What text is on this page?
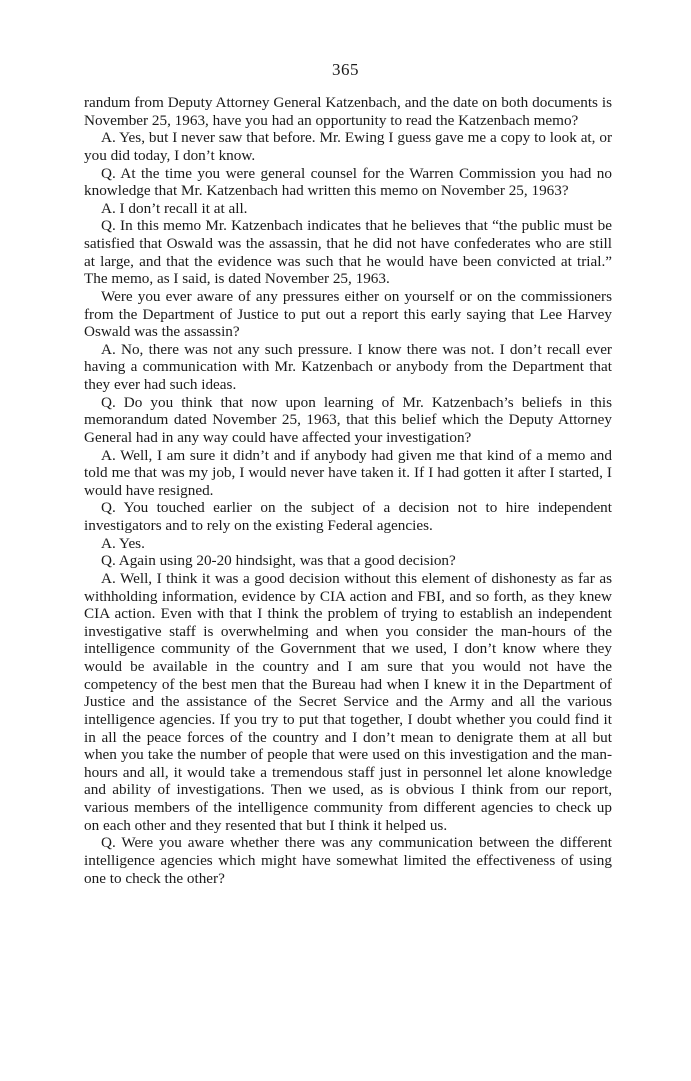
365

randum from Deputy Attorney General Katzenbach, and the date on both documents is November 25, 1963, have you had an opportunity to read the Katzenbach memo?

A. Yes, but I never saw that before. Mr. Ewing I guess gave me a copy to look at, or you did today, I don’t know.

Q. At the time you were general counsel for the Warren Commission you had no knowledge that Mr. Katzenbach had written this memo on November 25, 1963?

A. I don’t recall it at all.

Q. In this memo Mr. Katzenbach indicates that he believes that “the public must be satisfied that Oswald was the assassin, that he did not have confederates who are still at large, and that the evidence was such that he would have been convicted at trial.” The memo, as I said, is dated November 25, 1963.

Were you ever aware of any pressures either on yourself or on the commissioners from the Department of Justice to put out a report this early saying that Lee Harvey Oswald was the assassin?

A. No, there was not any such pressure. I know there was not. I don’t recall ever having a communication with Mr. Katzenbach or anybody from the Department that they ever had such ideas.

Q. Do you think that now upon learning of Mr. Katzenbach’s beliefs in this memorandum dated November 25, 1963, that this belief which the Deputy Attorney General had in any way could have affected your investigation?

A. Well, I am sure it didn’t and if anybody had given me that kind of a memo and told me that was my job, I would never have taken it. If I had gotten it after I started, I would have resigned.

Q. You touched earlier on the subject of a decision not to hire independent investigators and to rely on the existing Federal agencies.

A. Yes.

Q. Again using 20-20 hindsight, was that a good decision?

A. Well, I think it was a good decision without this element of dishonesty as far as withholding information, evidence by CIA action and FBI, and so forth, as they knew CIA action. Even with that I think the problem of trying to establish an independent investigative staff is overwhelming and when you consider the man-hours of the intelligence community of the Government that we used, I don’t know where they would be available in the country and I am sure that you would not have the competency of the best men that the Bureau had when I knew it in the Department of Justice and the assistance of the Secret Service and the Army and all the various intelligence agencies. If you try to put that together, I doubt whether you could find it in all the peace forces of the country and I don’t mean to denigrate them at all but when you take the number of people that were used on this investigation and the man-hours and all, it would take a tremendous staff just in personnel let alone knowledge and ability of investigations. Then we used, as is obvious I think from our report, various members of the intelligence community from different agencies to check up on each other and they resented that but I think it helped us.

Q. Were you aware whether there was any communication between the different intelligence agencies which might have somewhat limited the effectiveness of using one to check the other?
